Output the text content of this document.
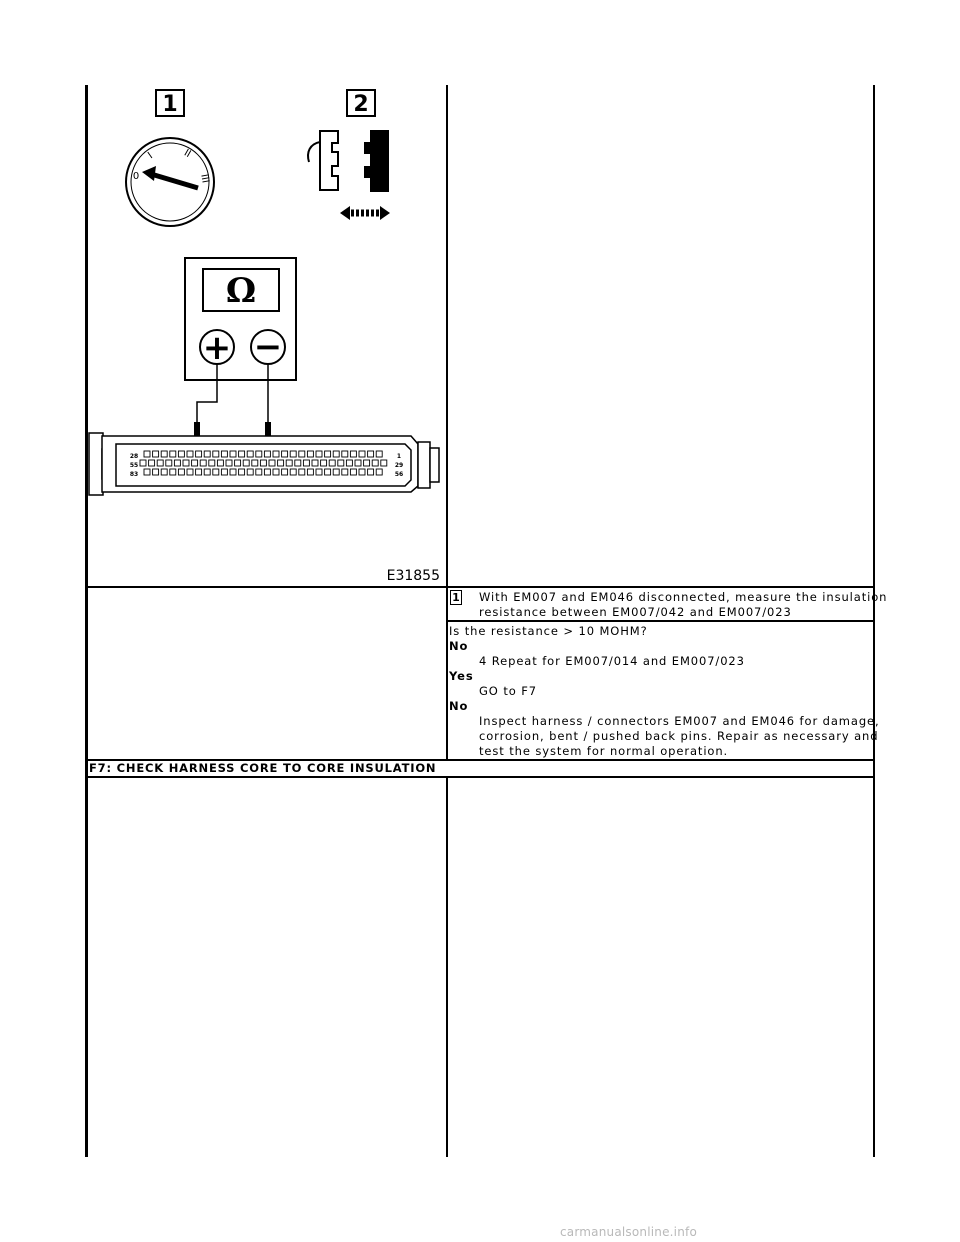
1	2
0
I	II
III
Ω
+ −
28
55
83
1
29
56
E31855
1 With EM007 and EM046 disconnected, measure the insulation
resistance between EM007/042 and EM007/023
Is the resistance > 10 MOHM?
No
4 Repeat for EM007/014 and EM007/023
Yes
GO to F7
No
Inspect harness / connectors EM007 and EM046 for damage,
corrosion, bent / pushed back pins. Repair as necessary and
test the system for normal operation.
F7: CHECK HARNESS CORE TO CORE INSULATION
carmanualsonline.info
